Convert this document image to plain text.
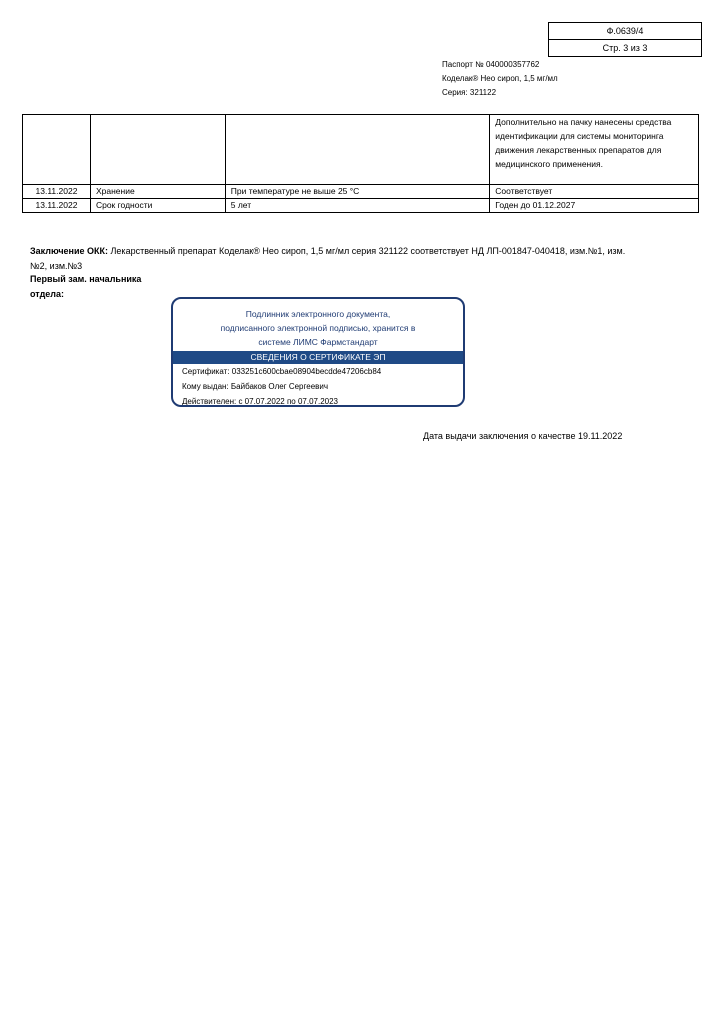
Ф.0639/4
Стр. 3 из 3
Паспорт № 040000357762
Коделак® Нео сироп, 1,5 мг/мл
Серия: 321122
			Дополнительно на пачку нанесены средства идентификации для системы мониторинга движения лекарственных препаратов для медицинского применения.
13.11.2022	Хранение	При температуре не выше 25 °С	Соответствует
13.11.2022	Срок годности	5 лет	Годен до 01.12.2027
Заключение ОКК: Лекарственный препарат Коделак® Нео сироп, 1,5 мг/мл серия 321122 соответствует НД ЛП-001847-040418, изм.№1, изм.№2, изм.№3
Первый зам. начальника
отдела:
Подлинник электронного документа,
подписанного электронной подписью, хранится в
системе ЛИМС Фармстандарт
СВЕДЕНИЯ О СЕРТИФИКАТЕ ЭП
Сертификат: 033251c600cbae08904becdde47206cb84
Кому выдан: Байбаков Олег Сергеевич
Действителен: с 07.07.2022 по 07.07.2023
Дата выдачи заключения о качестве 19.11.2022
